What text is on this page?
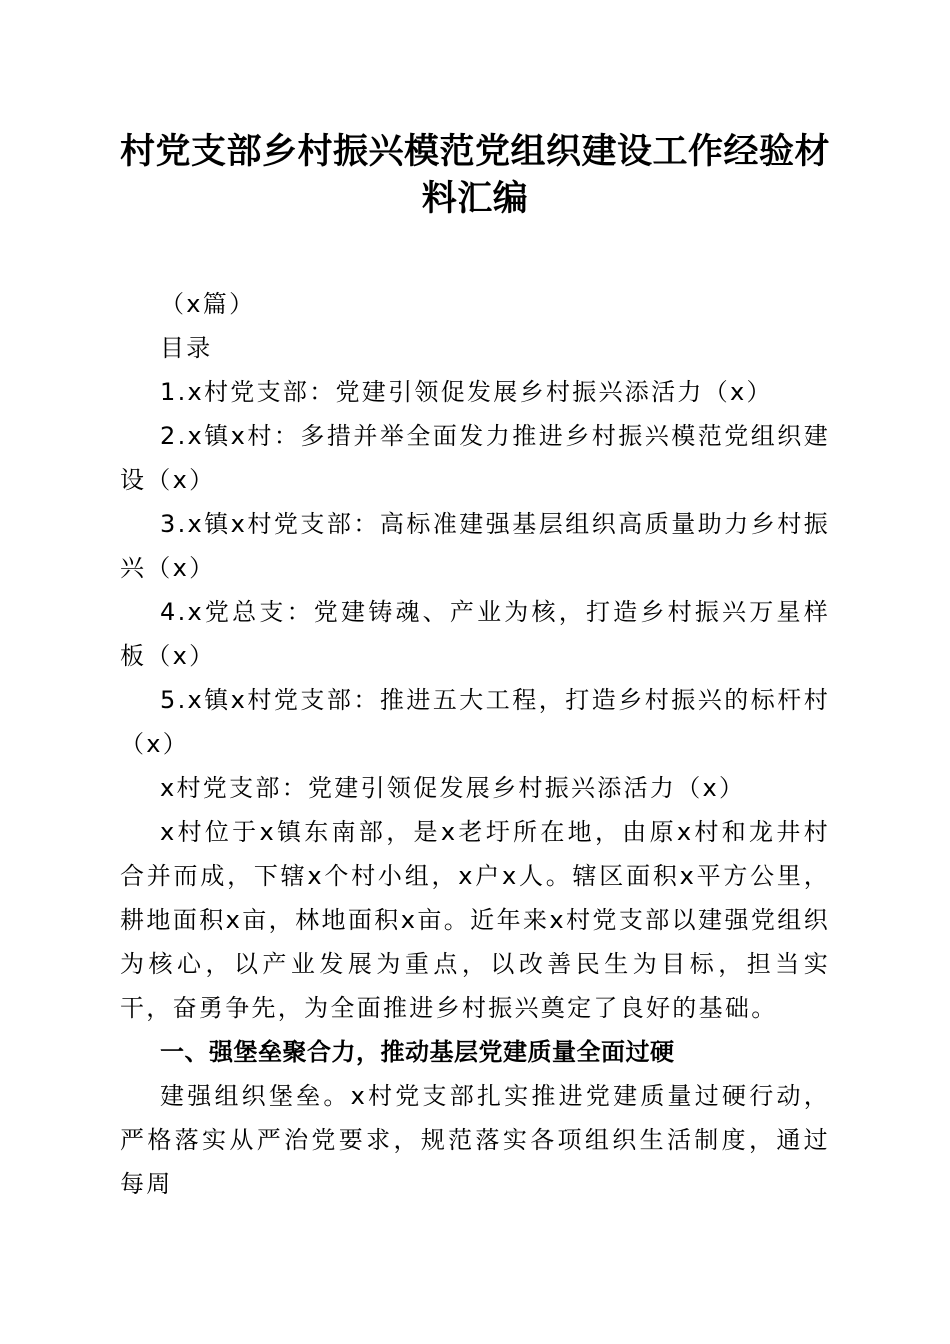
村党支部乡村振兴模范党组织建设工作经验材料汇编

（x篇）

目录

1.x村党支部：党建引领促发展乡村振兴添活力（x）

2.x镇x村：多措并举全面发力推进乡村振兴模范党组织建设（x）

3.x镇x村党支部：高标准建强基层组织高质量助力乡村振兴（x）

4.x党总支：党建铸魂、产业为核，打造乡村振兴万星样板（x）

5.x镇x村党支部：推进五大工程，打造乡村振兴的标杆村（x）

x村党支部：党建引领促发展乡村振兴添活力（x）

x村位于x镇东南部，是x老圩所在地，由原x村和龙井村合并而成，下辖x个村小组，x户x人。辖区面积x平方公里，耕地面积x亩，林地面积x亩。近年来x村党支部以建强党组织为核心，以产业发展为重点，以改善民生为目标，担当实干，奋勇争先，为全面推进乡村振兴奠定了良好的基础。

一、强堡垒聚合力，推动基层党建质量全面过硬

建强组织堡垒。x村党支部扎实推进党建质量过硬行动，严格落实从严治党要求，规范落实各项组织生活制度，通过每周
